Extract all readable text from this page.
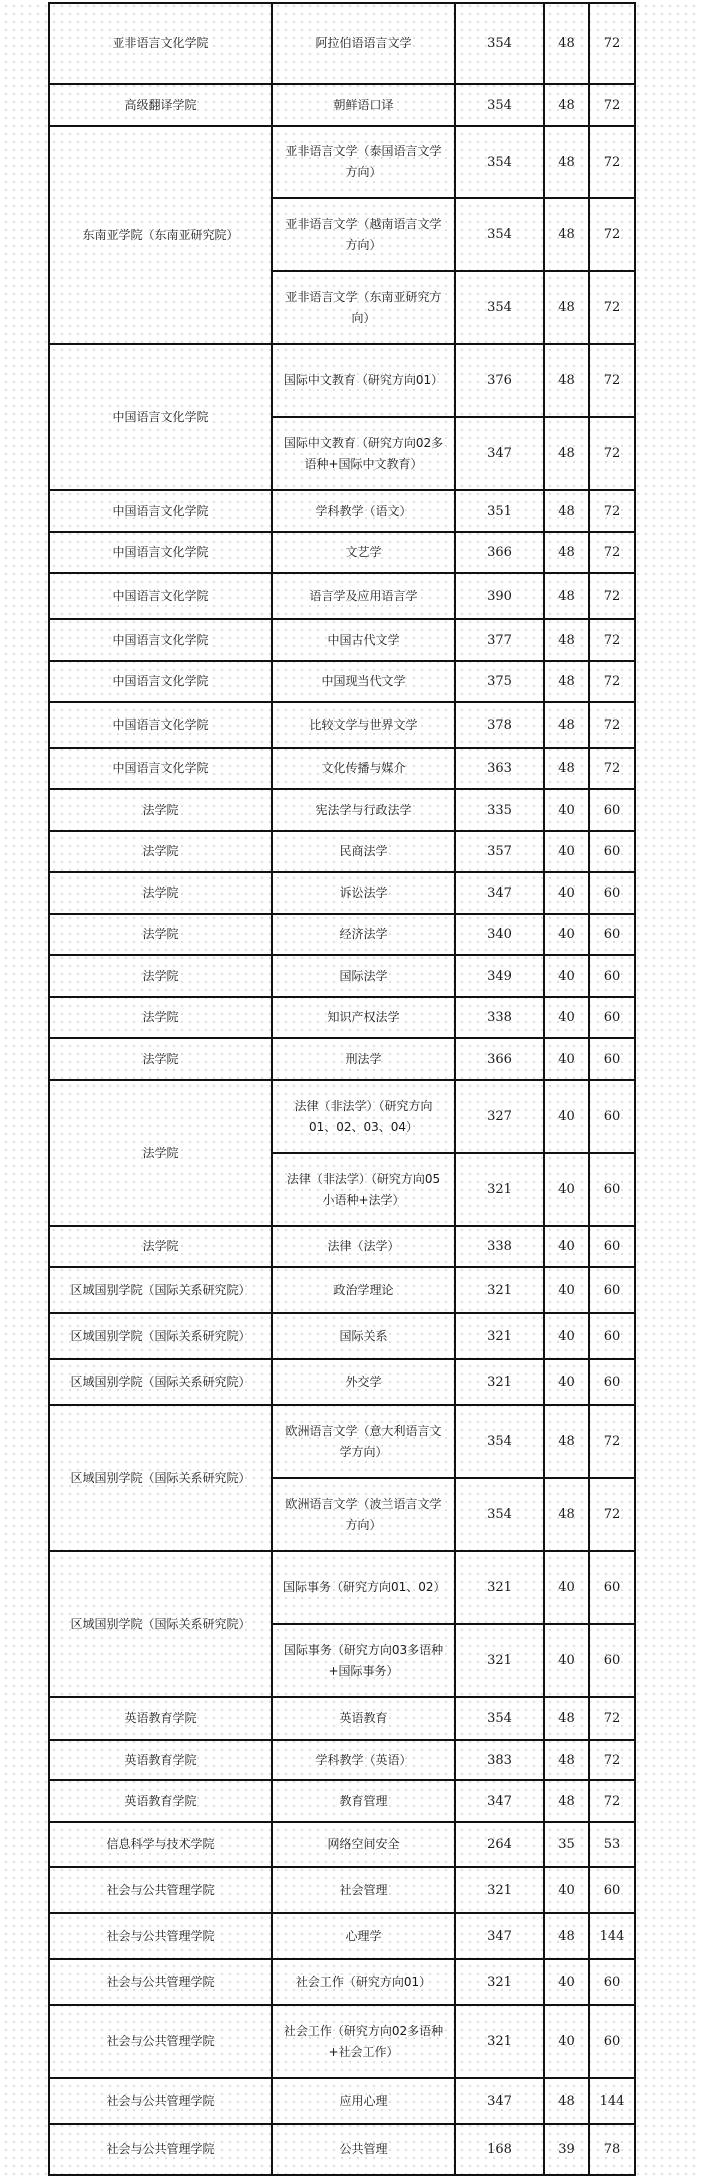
亚非语言文化学院	阿拉伯语语言文学	354	48	72
高级翻译学院	朝鲜语口译	354	48	72
东南亚学院（东南亚研究院）	亚非语言文学（泰国语言文学方向）	354	48	72
	亚非语言文学（越南语言文学方向）	354	48	72
	亚非语言文学（东南亚研究方向）	354	48	72
中国语言文化学院	国际中文教育（研究方向01）	376	48	72
	国际中文教育（研究方向02多语种+国际中文教育）	347	48	72
中国语言文化学院	学科教学（语文）	351	48	72
中国语言文化学院	文艺学	366	48	72
中国语言文化学院	语言学及应用语言学	390	48	72
中国语言文化学院	中国古代文学	377	48	72
中国语言文化学院	中国现当代文学	375	48	72
中国语言文化学院	比较文学与世界文学	378	48	72
中国语言文化学院	文化传播与媒介	363	48	72
法学院	宪法学与行政法学	335	40	60
法学院	民商法学	357	40	60
法学院	诉讼法学	347	40	60
法学院	经济法学	340	40	60
法学院	国际法学	349	40	60
法学院	知识产权法学	338	40	60
法学院	刑法学	366	40	60
法学院	法律（非法学）（研究方向01、02、03、04）	327	40	60
	法律（非法学）（研究方向05小语种+法学）	321	40	60
法学院	法律（法学）	338	40	60
区域国别学院（国际关系研究院）	政治学理论	321	40	60
区域国别学院（国际关系研究院）	国际关系	321	40	60
区域国别学院（国际关系研究院）	外交学	321	40	60
区域国别学院（国际关系研究院）	欧洲语言文学（意大利语言文学方向）	354	48	72
	欧洲语言文学（波兰语言文学方向）	354	48	72
区域国别学院（国际关系研究院）	国际事务（研究方向01、02）	321	40	60
	国际事务（研究方向03多语种+国际事务）	321	40	60
英语教育学院	英语教育	354	48	72
英语教育学院	学科教学（英语）	383	48	72
英语教育学院	教育管理	347	48	72
信息科学与技术学院	网络空间安全	264	35	53
社会与公共管理学院	社会管理	321	40	60
社会与公共管理学院	心理学	347	48	144
社会与公共管理学院	社会工作（研究方向01）	321	40	60
社会与公共管理学院	社会工作（研究方向02多语种+社会工作）	321	40	60
社会与公共管理学院	应用心理	347	48	144
社会与公共管理学院	公共管理	168	39	78
